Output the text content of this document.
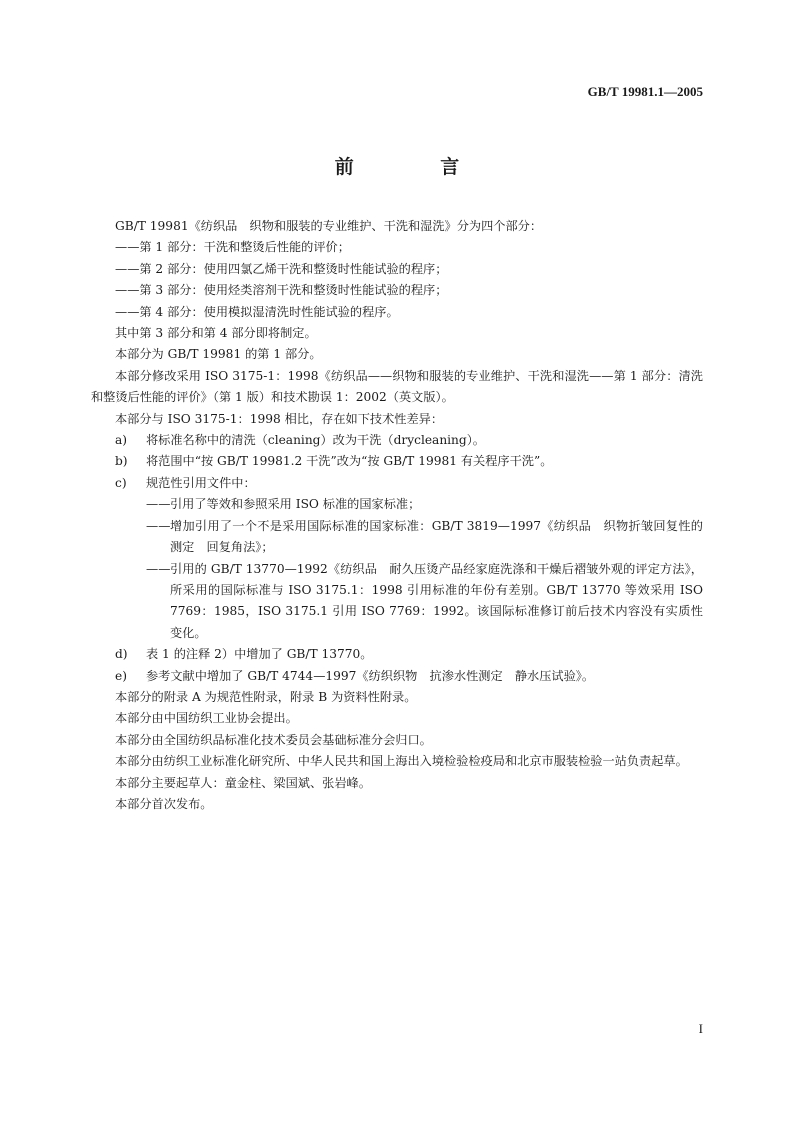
GB/T 19981.1—2005
前 言

GB/T 19981《纺织品　织物和服装的专业维护、干洗和湿洗》分为四个部分：

——第 1 部分：干洗和整烫后性能的评价；

——第 2 部分：使用四氯乙烯干洗和整烫时性能试验的程序；

——第 3 部分：使用烃类溶剂干洗和整烫时性能试验的程序；

——第 4 部分：使用模拟湿清洗时性能试验的程序。

其中第 3 部分和第 4 部分即将制定。

本部分为 GB/T 19981 的第 1 部分。

本部分修改采用 ISO 3175-1：1998《纺织品——织物和服装的专业维护、干洗和湿洗——第 1 部分：清洗和整烫后性能的评价》（第 1 版）和技术勘误 1：2002（英文版）。

本部分与 ISO 3175-1：1998 相比，存在如下技术性差异：

a)	将标准名称中的清洗（cleaning）改为干洗（drycleaning）。
b)	将范围中“按 GB/T 19981.2 干洗”改为“按 GB/T 19981 有关程序干洗”。
c)	规范性引用文件中：
—— 引用了等效和参照采用 ISO 标准的国家标准；
—— 增加引用了一个不是采用国际标准的国家标准：GB/T 3819—1997《纺织品　织物折皱回复性的测定　回复角法》；
—— 引用的 GB/T 13770—1992《纺织品　耐久压烫产品经家庭洗涤和干燥后褶皱外观的评定方法》，所采用的国际标准与 ISO 3175.1：1998 引用标准的年份有差别。GB/T 13770 等效采用 ISO 7769：1985，ISO 3175.1 引用 ISO 7769：1992。该国际标准修订前后技术内容没有实质性变化。
d)	表 1 的注释 2）中增加了 GB/T 13770。
e)	参考文献中增加了 GB/T 4744—1997《纺织织物　抗渗水性测定　静水压试验》。

本部分的附录 A 为规范性附录，附录 B 为资料性附录。

本部分由中国纺织工业协会提出。

本部分由全国纺织品标准化技术委员会基础标准分会归口。

本部分由纺织工业标准化研究所、中华人民共和国上海出入境检验检疫局和北京市服装检验一站负责起草。

本部分主要起草人：童金柱、梁国斌、张岩峰。

本部分首次发布。

I
